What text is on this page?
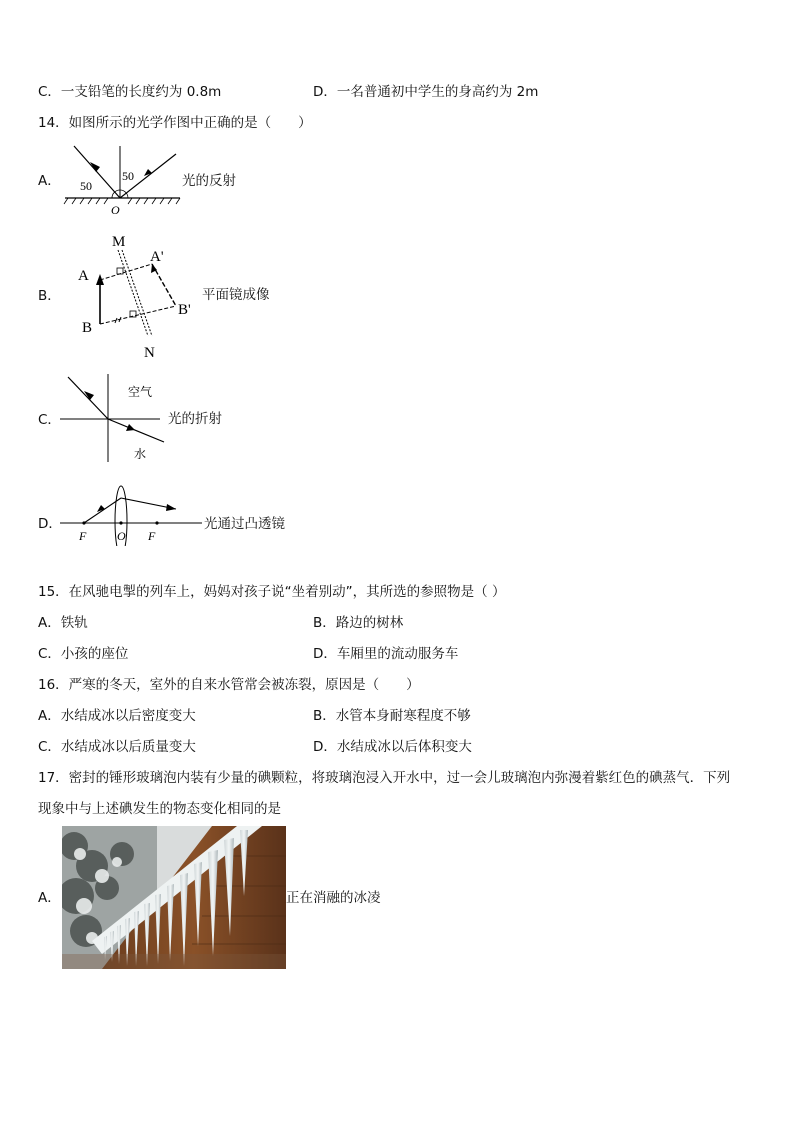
C．一支铅笔的长度约为 0.8m	D．一名普通初中学生的身高约为 2m
14．如图所示的光学作图中正确的是（　　）
A． 50
50
O
光的反射
B．
M
N
A
B
A'
B'
平面镜成像
C．
空气
水
光的折射
D．
F	O F
光通过凸透镜
15．在风驰电掣的列车上，妈妈对孩子说“坐着别动”，其所选的参照物是（ ）
A．铁轨	B．路边的树林
C．小孩的座位	D．车厢里的流动服务车
16．严寒的冬天，室外的自来水管常会被冻裂，原因是（　　）
A．水结成冰以后密度变大	B．水管本身耐寒程度不够
C．水结成冰以后质量变大	D．水结成冰以后体积变大
17．密封的锤形玻璃泡内装有少量的碘颗粒，将玻璃泡浸入开水中，过一会儿玻璃泡内弥漫着紫红色的碘蒸气．下列
现象中与上述碘发生的物态变化相同的是
A．	正在消融的冰凌
